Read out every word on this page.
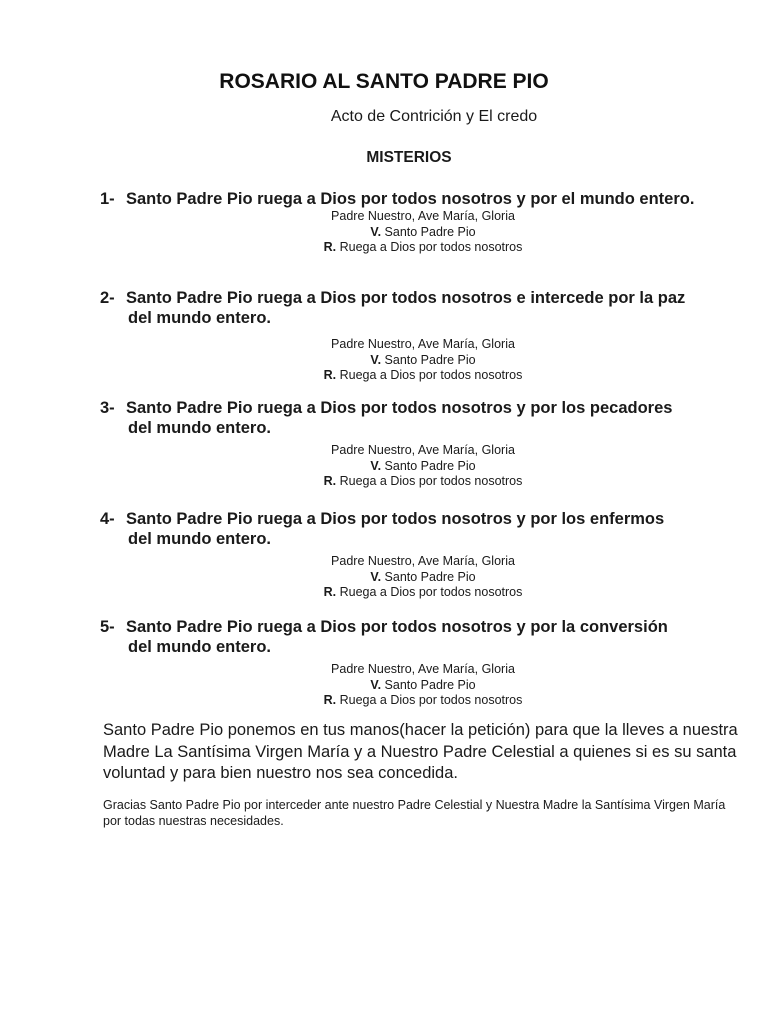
ROSARIO AL SANTO PADRE PIO
Acto de Contrición y El credo
MISTERIOS
1- Santo Padre Pio ruega a Dios por todos nosotros y por el mundo entero.
Padre Nuestro, Ave María, Gloria
V. Santo Padre Pio
R. Ruega a Dios por todos nosotros
2- Santo Padre Pio ruega a Dios por todos nosotros e intercede por la paz
del mundo entero.
Padre Nuestro, Ave María, Gloria
V. Santo Padre Pio
R. Ruega a Dios por todos nosotros
3- Santo Padre Pio ruega a Dios por todos nosotros y por los pecadores
del mundo entero.
Padre Nuestro, Ave María, Gloria
V. Santo Padre Pio
R. Ruega a Dios por todos nosotros
4- Santo Padre Pio ruega a Dios por todos nosotros y por los enfermos
del mundo entero.
Padre Nuestro, Ave María, Gloria
V. Santo Padre Pio
R. Ruega a Dios por todos nosotros
5- Santo Padre Pio ruega a Dios por todos nosotros y por la conversión
del mundo entero.
Padre Nuestro, Ave María, Gloria
V. Santo Padre Pio
R. Ruega a Dios por todos nosotros
Santo Padre Pio ponemos en tus manos(hacer la petición) para que la lleves a nuestra Madre La Santísima Virgen María y a Nuestro Padre Celestial a quienes si es su santa voluntad y para bien nuestro nos sea concedida.
Gracias Santo Padre Pio por interceder ante nuestro Padre Celestial y Nuestra Madre la Santísima Virgen María por todas nuestras necesidades.
